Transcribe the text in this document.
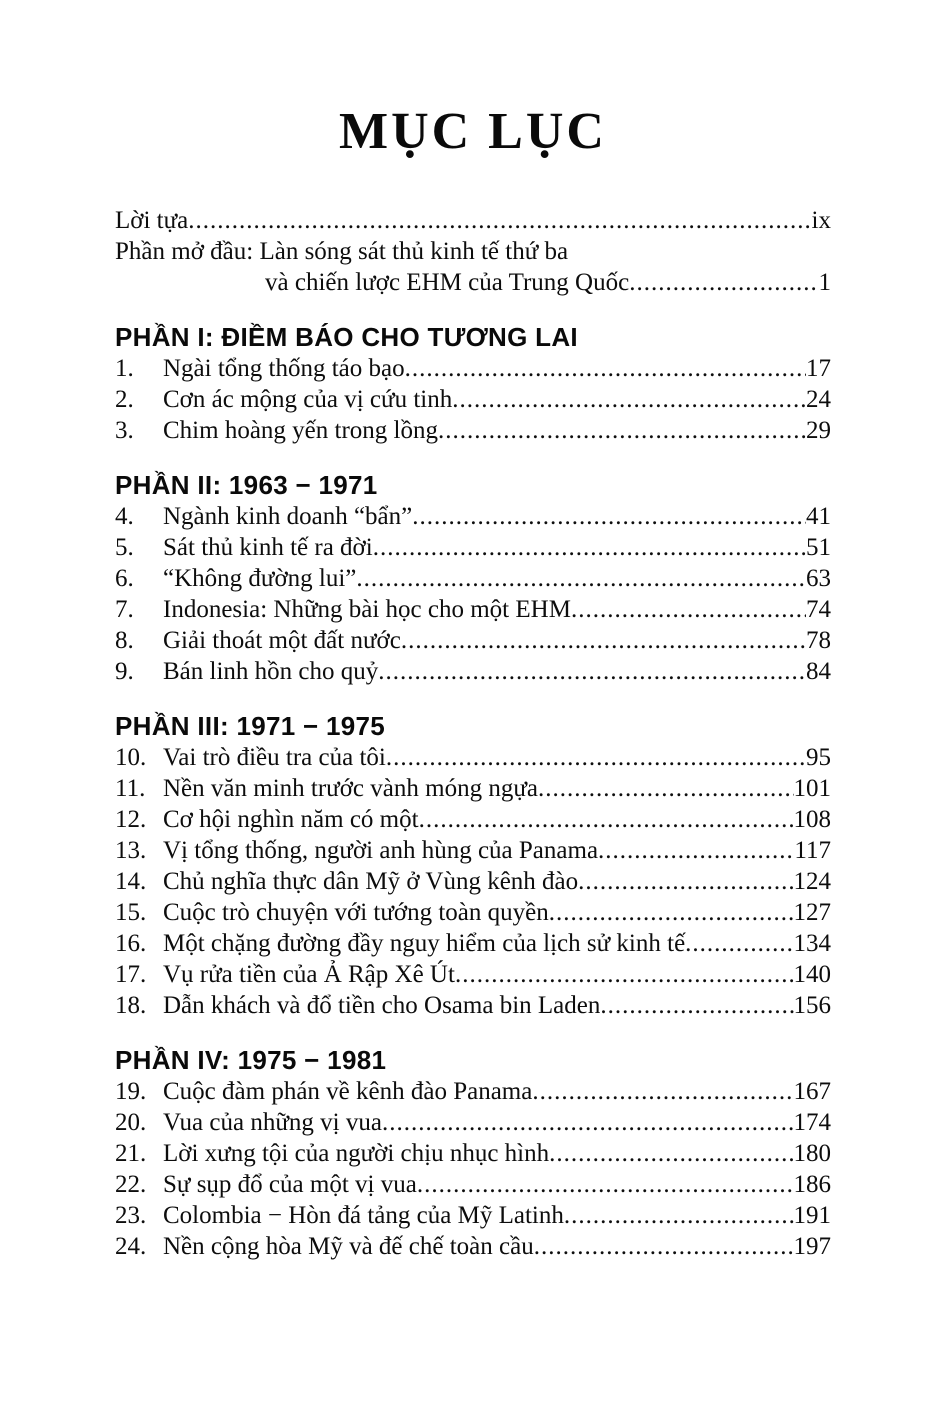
MỤC LỤC
Lời tựa .....	ix
Phần mở đầu: Làn sóng sát thủ kinh tế thứ ba
và chiến lược EHM của Trung Quốc .....	1
PHẦN I: ĐIỀM BÁO CHO TƯƠNG LAI
1.	Ngài tổng thống táo bạo .....	17
2.	Cơn ác mộng của vị cứu tinh .....	24
3.	Chim hoàng yến trong lồng .....	29
PHẦN II: 1963 − 1971
4.	Ngành kinh doanh “bẩn” .....	41
5.	Sát thủ kinh tế ra đời .....	51
6.	“Không đường lui” .....	63
7.	Indonesia: Những bài học cho một EHM .....	74
8.	Giải thoát một đất nước .....	78
9.	Bán linh hồn cho quỷ .....	84
PHẦN III: 1971 − 1975
10. Vai trò điều tra của tôi .....	95
11. Nền văn minh trước vành móng ngựa .....	101
12. Cơ hội nghìn năm có một .....	108
13. Vị tổng thống, người anh hùng của Panama .....	117
14. Chủ nghĩa thực dân Mỹ ở Vùng kênh đào .....	124
15. Cuộc trò chuyện với tướng toàn quyền .....	127
16. Một chặng đường đầy nguy hiểm của lịch sử kinh tế .....	134
17. Vụ rửa tiền của Ả Rập Xê Út .....	140
18. Dẫn khách và đổ tiền cho Osama bin Laden .....	156
PHẦN IV: 1975 − 1981
19. Cuộc đàm phán về kênh đào Panama .....	167
20. Vua của những vị vua .....	174
21. Lời xưng tội của người chịu nhục hình .....	180
22. Sự sụp đổ của một vị vua .....	186
23. Colombia − Hòn đá tảng của Mỹ Latinh .....	191
24. Nền cộng hòa Mỹ và đế chế toàn cầu .....	197
